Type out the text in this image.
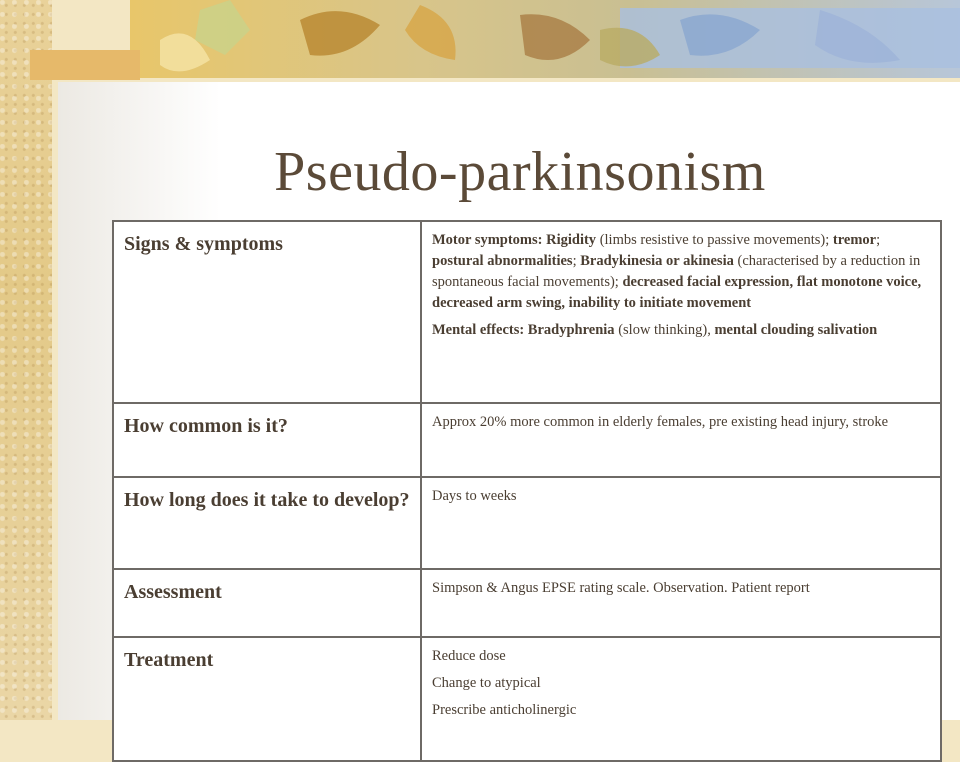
Pseudo-parkinsonism
Signs & symptoms	Motor symptoms: Rigidity (limbs resistive to passive movements); tremor; postural abnormalities; Bradykinesia or akinesia (characterised by a reduction in spontaneous facial movements); decreased facial expression, flat monotone voice, decreased arm swing, inability to initiate movement

Mental effects: Bradyphrenia (slow thinking), mental clouding salivation

How common is it?	Approx 20% more common in elderly females, pre existing head injury, stroke
How long does it take to develop?	Days to weeks
Assessment	Simpson & Angus EPSE rating scale. Observation. Patient report
Treatment	Reduce dose

Change to atypical

Prescribe anticholinergic
